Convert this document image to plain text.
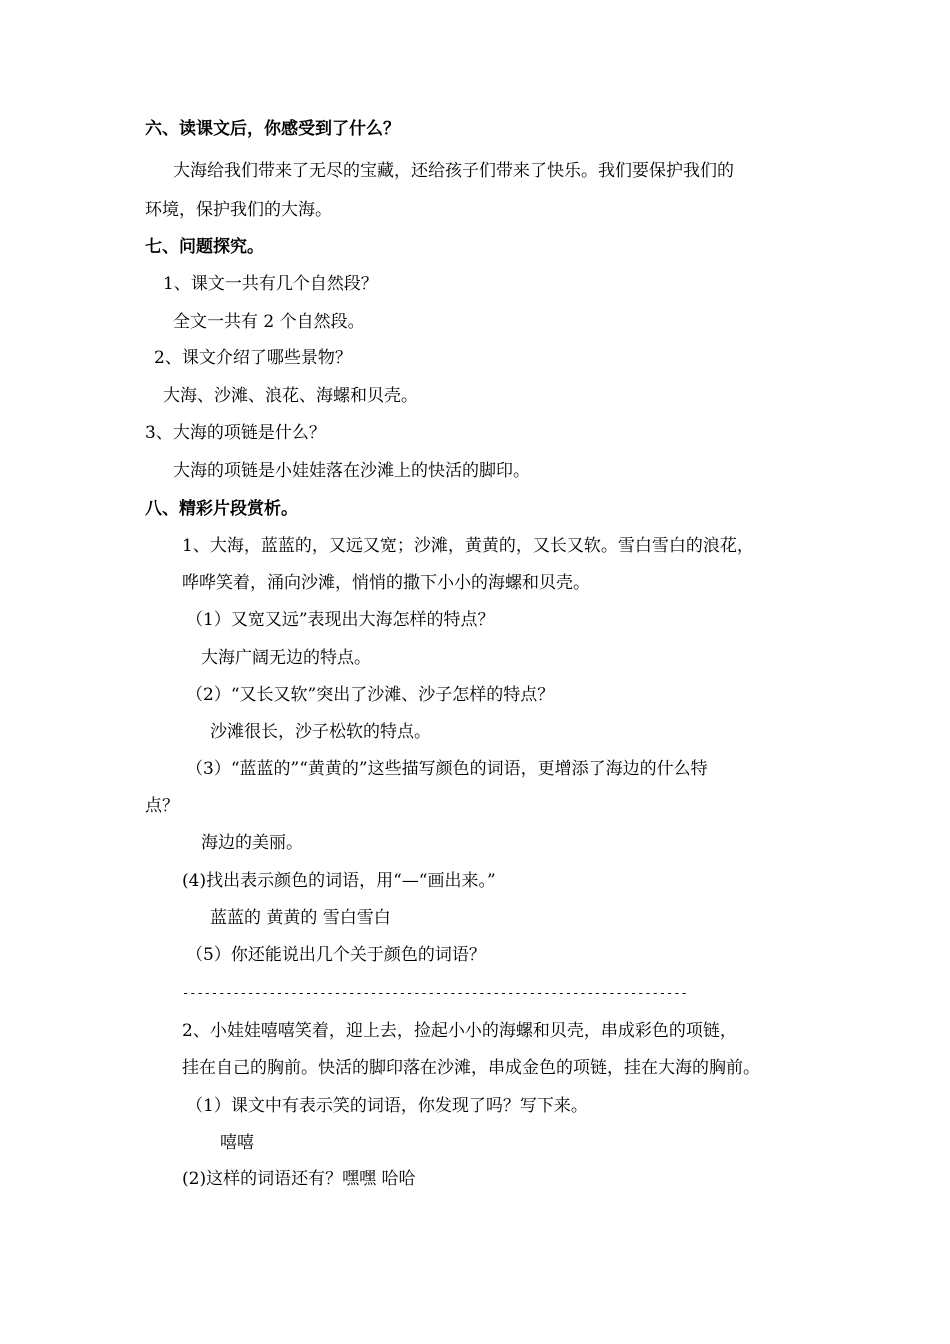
六、读课文后，你感受到了什么？
大海给我们带来了无尽的宝藏，还给孩子们带来了快乐。我们要保护我们的
环境，保护我们的大海。
七、问题探究。
1、课文一共有几个自然段？
全文一共有 2 个自然段。
2、课文介绍了哪些景物？
大海、沙滩、浪花、海螺和贝壳。
3、大海的项链是什么？
大海的项链是小娃娃落在沙滩上的快活的脚印。
八、精彩片段赏析。
1、大海，蓝蓝的，又远又宽；沙滩，黄黄的，又长又软。雪白雪白的浪花，
哗哗笑着，涌向沙滩，悄悄的撒下小小的海螺和贝壳。
（1）又宽又远”表现出大海怎样的特点？
大海广阔无边的特点。
（2）“又长又软”突出了沙滩、沙子怎样的特点？
沙滩很长，沙子松软的特点。
（3）“蓝蓝的”“黄黄的”这些描写颜色的词语，更增添了海边的什么特
点？
海边的美丽。
(4)找出表示颜色的词语，用“—“画出来。”
蓝蓝的 黄黄的 雪白雪白
（5）你还能说出几个关于颜色的词语？
----------------------------------------------------------------------
2、小娃娃嘻嘻笑着，迎上去，捡起小小的海螺和贝壳，串成彩色的项链，
挂在自己的胸前。快活的脚印落在沙滩，串成金色的项链，挂在大海的胸前。
（1）课文中有表示笑的词语，你发现了吗？写下来。
嘻嘻
(2)这样的词语还有？嘿嘿 哈哈
